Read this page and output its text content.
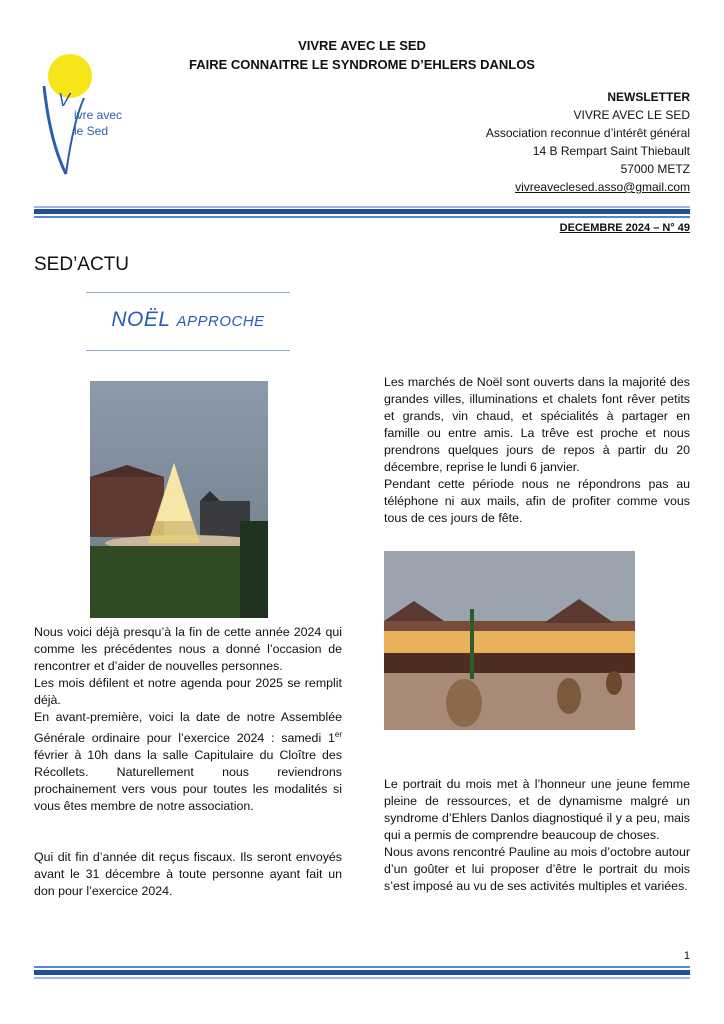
VIVRE AVEC LE SED
FAIRE CONNAITRE LE SYNDROME D’EHLERS DANLOS
V
ivre avec
le Sed
NEWSLETTER
VIVRE AVEC LE SED
Association reconnue d’intérêt général
14 B Rempart Saint Thiebault
57000 METZ
vivreaveclesed.asso@gmail.com
DECEMBRE 2024 – N° 49
SED’ACTU
NOËL APPROCHE

Nous voici déjà presqu’à la fin de cette année 2024 qui comme les précédentes nous a donné l’occasion de rencontrer et d’aider de nouvelles personnes.

Les mois défilent et notre agenda pour 2025 se remplit déjà.

En avant-première, voici la date de notre Assemblée Générale ordinaire pour l’exercice 2024 : samedi 1er février à 10h dans la salle Capitulaire du Cloître des Récollets. Naturellement nous reviendrons prochainement vers vous pour toutes les modalités si vous êtes membre de notre association.

Qui dit fin d’année dit reçus fiscaux. Ils seront envoyés avant le 31 décembre à toute personne ayant fait un don pour l’exercice 2024.

Les marchés de Noël sont ouverts dans la majorité des grandes villes, illuminations et chalets font rêver petits et grands, vin chaud, et spécialités à partager en famille ou entre amis. La trêve est proche et nous prendrons quelques jours de repos à partir du 20 décembre, reprise le lundi 6 janvier.

Pendant cette période nous ne répondrons pas au téléphone ni aux mails, afin de profiter comme vous tous de ces jours de fête.

Le portrait du mois met à l’honneur une jeune femme pleine de ressources, et de dynamisme malgré un syndrome d’Ehlers Danlos diagnostiqué il y a peu, mais qui a permis de comprendre beaucoup de choses.

Nous avons rencontré Pauline au mois d’octobre autour d’un goûter et lui proposer d’être le portrait du mois s’est imposé au vu de ses activités multiples et variées.

1
